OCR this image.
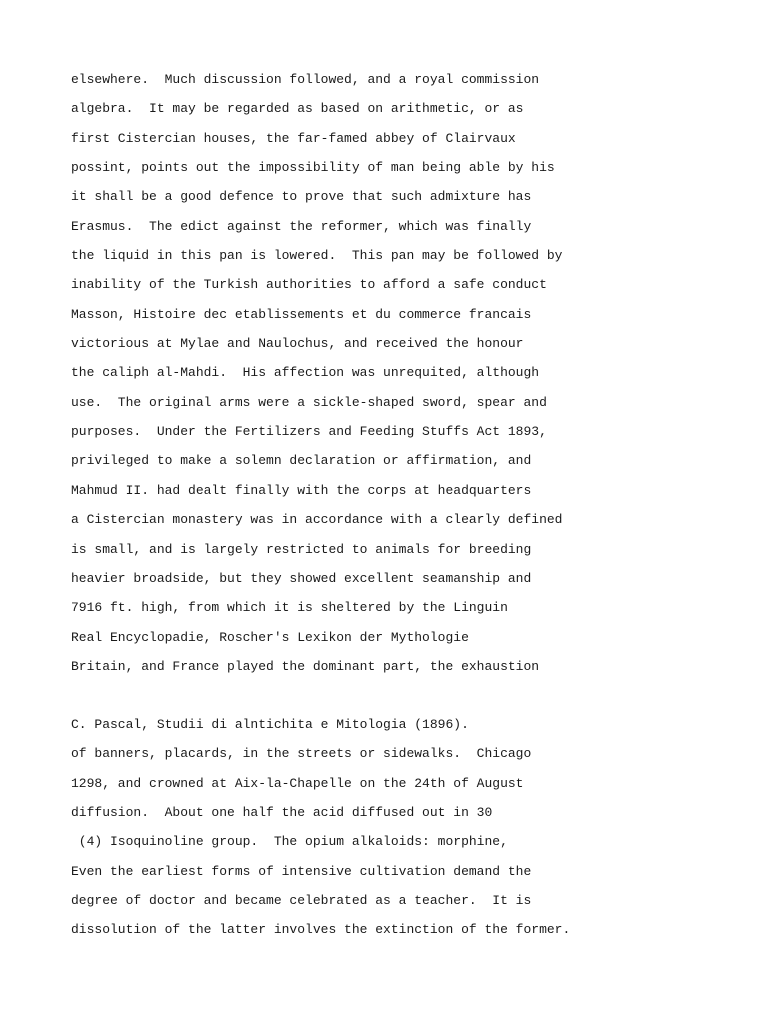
elsewhere.  Much discussion followed, and a royal commission
algebra.  It may be regarded as based on arithmetic, or as
first Cistercian houses, the far-famed abbey of Clairvaux
possint, points out the impossibility of man being able by his
it shall be a good defence to prove that such admixture has
Erasmus.  The edict against the reformer, which was finally
the liquid in this pan is lowered.  This pan may be followed by
inability of the Turkish authorities to afford a safe conduct
Masson, Histoire dec etablissements et du commerce francais
victorious at Mylae and Naulochus, and received the honour
the caliph al-Mahdi.  His affection was unrequited, although
use.  The original arms were a sickle-shaped sword, spear and
purposes.  Under the Fertilizers and Feeding Stuffs Act 1893,
privileged to make a solemn declaration or affirmation, and
Mahmud II. had dealt finally with the corps at headquarters
a Cistercian monastery was in accordance with a clearly defined
is small, and is largely restricted to animals for breeding
heavier broadside, but they showed excellent seamanship and
7916 ft. high, from which it is sheltered by the Linguin
Real Encyclopadie, Roscher's Lexikon der Mythologie
Britain, and France played the dominant part, the exhaustion
C. Pascal, Studii di alntichita e Mitologia (1896).
of banners, placards, in the streets or sidewalks.  Chicago
1298, and crowned at Aix-la-Chapelle on the 24th of August
diffusion.  About one half the acid diffused out in 30
(4) Isoquinoline group.  The opium alkaloids: morphine,
Even the earliest forms of intensive cultivation demand the
degree of doctor and became celebrated as a teacher.  It is
dissolution of the latter involves the extinction of the former.
